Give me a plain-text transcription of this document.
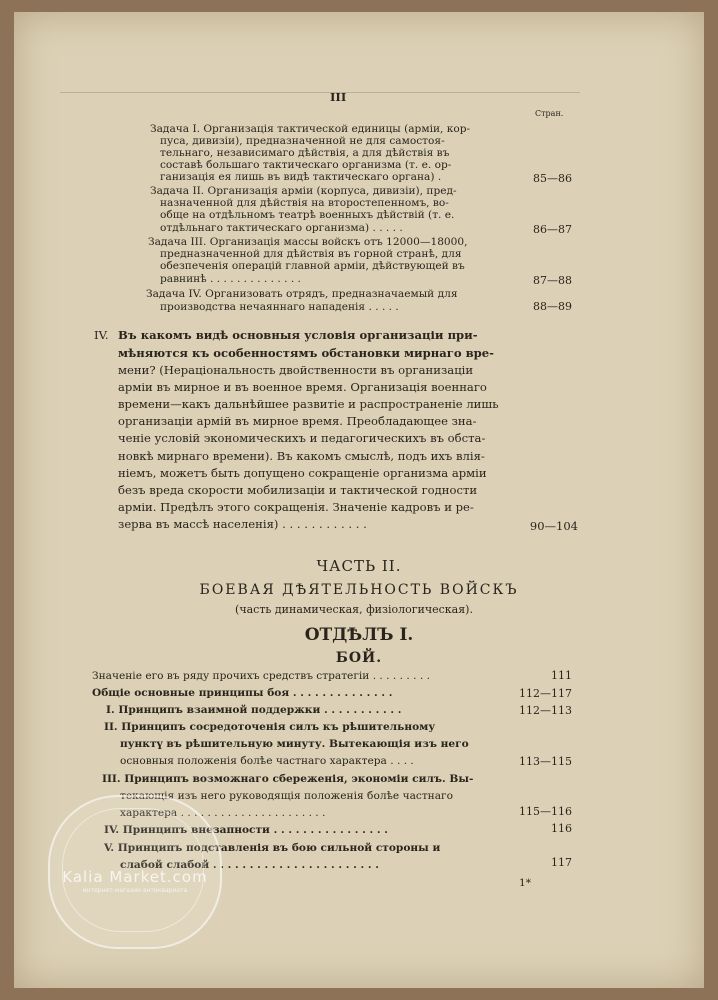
III
Стран.
Задача I. Организація тактической единицы (арміи, кор-
пуса, дивизіи), предназначенной не для самостоя-
тельнаго, независимаго дѣйствія, а для дѣйствія въ
составѣ большаго тактическаго организма (т. е. ор-
ганизація ея лишь въ видѣ тактическаго органа) .	85—86
Задача II. Организація арміи (корпуса, дивизіи), пред-
назначенной для дѣйствія на второстепенномъ, во-
обще на отдѣльномъ театрѣ военныхъ дѣйствій (т. е.
отдѣльнаго тактическаго организма) . . . . .	86—87
Задача III. Организація массы войскъ отъ 12000—18000,
предназначенной для дѣйствія въ горной странѣ, для
обезпеченія операцій главной арміи, дѣйствующей въ
равнинѣ . . . . . . . . . . . . . .	87—88
Задача IV. Организовать отрядъ, предназначаемый для
производства нечаяннаго нападенія . . . . .	88—89
IV. Въ какомъ видѣ основныя условія организаціи при-
мѣняются къ особенностямъ обстановки мирнаго вре-
мени? (Нераціональность двойственности въ организаціи
арміи въ мирное и въ военное время. Организація военнаго
времени—какъ дальнѣйшее развитіе и распространеніе лишь
организаціи армій въ мирное время. Преобладающее зна-
ченіе условій экономическихъ и педагогическихъ въ обста-
новкѣ мирнаго времени). Въ какомъ смыслѣ, подъ ихъ влія-
ніемъ, можетъ быть допущено сокращеніе организма арміи
безъ вреда скорости мобилизаціи и тактической годности
арміи. Предѣлъ этого сокращенія. Значеніе кадровъ и ре-
зерва въ массѣ населенія) . . . . . . . . . . . .	90—104
ЧАСТЬ II.
БОЕВАЯ ДѢЯТЕЛЬНОСТЬ ВОЙСКЪ
(часть динамическая, физіологическая).
ОТДѢЛЪ I.
БОЙ.
Значеніе его въ ряду прочихъ средствъ стратегіи . . . . . . . . .	111
Общіе основные принципы боя . . . . . . . . . . . . . .	112—117
I. Принципъ взаимной поддержки . . . . . . . . . . .	112—113
II. Принципъ сосредоточенія силъ къ рѣшительному
пунктү въ рѣшительную минуту. Вытекающія изъ него
основныя положенія болѣе частнаго характера . . . .	113—115
III. Принципъ возможнаго сбереженія, экономіи силъ. Вы-
текающія изъ него руководящія положенія болѣе частнаго
характера . . . . . . . . . . . . . . . . . . . . . .	115—116
IV. Принципъ внезапности . . . . . . . . . . . . . . . .	116
V. Принципъ подставленія въ бою сильной стороны и
слабой слабой . . . . . . . . . . . . . . . . . . . . . . .	117
1*
Kalia Market.com
интернет-магазин антиквариата
